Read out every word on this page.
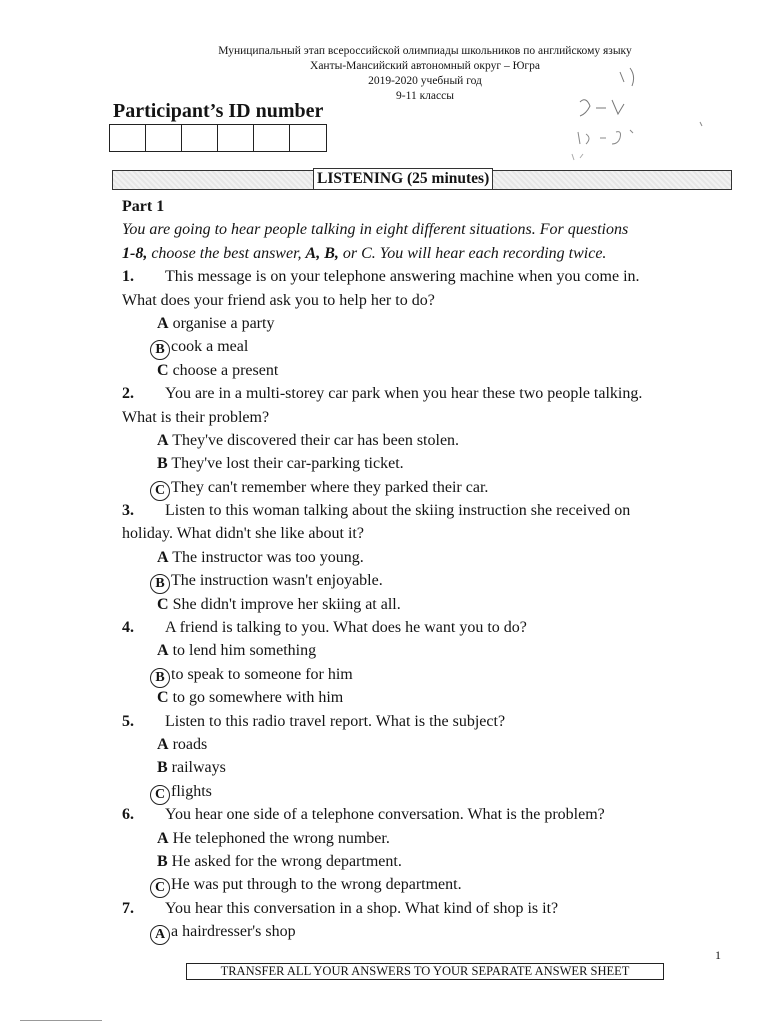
Муниципальный этап всероссийской олимпиады школьников по английскому языку
Ханты-Мансийский автономный округ – Югра
2019-2020 учебный год
9-11 классы
Participant’s ID number
LISTENING (25 minutes)
Part 1
You are going to hear people talking in eight different situations. For questions
1-8, choose the best answer, A, B, or C. You will hear each recording twice.
1. This message is on your telephone answering machine when you come in.
What does your friend ask you to help her to do?
A organise a party
B cook a meal
C choose a present
2. You are in a multi-storey car park when you hear these two people talking.
What is their problem?
A They've discovered their car has been stolen.
B They've lost their car-parking ticket.
C They can't remember where they parked their car.
3. Listen to this woman talking about the skiing instruction she received on
holiday. What didn't she like about it?
A The instructor was too young.
B The instruction wasn't enjoyable.
C She didn't improve her skiing at all.
4. A friend is talking to you. What does he want you to do?
A to lend him something
B to speak to someone for him
C to go somewhere with him
5. Listen to this radio travel report. What is the subject?
A roads
B railways
C flights
6. You hear one side of a telephone conversation. What is the problem?
A He telephoned the wrong number.
B He asked for the wrong department.
C He was put through to the wrong department.
7. You hear this conversation in a shop. What kind of shop is it?
A a hairdresser's shop
1
TRANSFER ALL YOUR ANSWERS TO YOUR SEPARATE ANSWER SHEET
